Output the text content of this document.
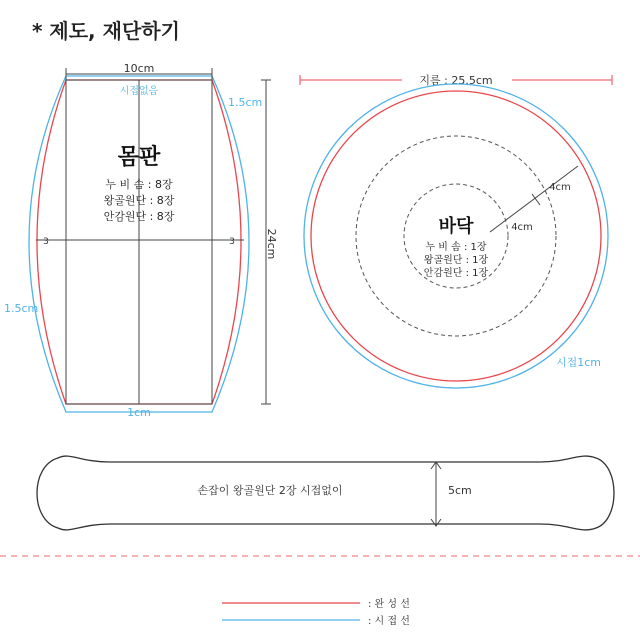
* 제도, 재단하기
10cm
시접없음
1.5cm
1.5cm
3	3	24cm
1cm
몸판
누 비 솜 : 8장
왕골원단 : 8장
안감원단 : 8장
지름 : 25.5cm
4cm
4cm
시접1cm
바닥
누 비 솜 : 1장
왕골원단 : 1장
안감원단 : 1장
손잡이 왕골원단 2장 시접없이	5cm
: 완 성 선
: 시 접 선
